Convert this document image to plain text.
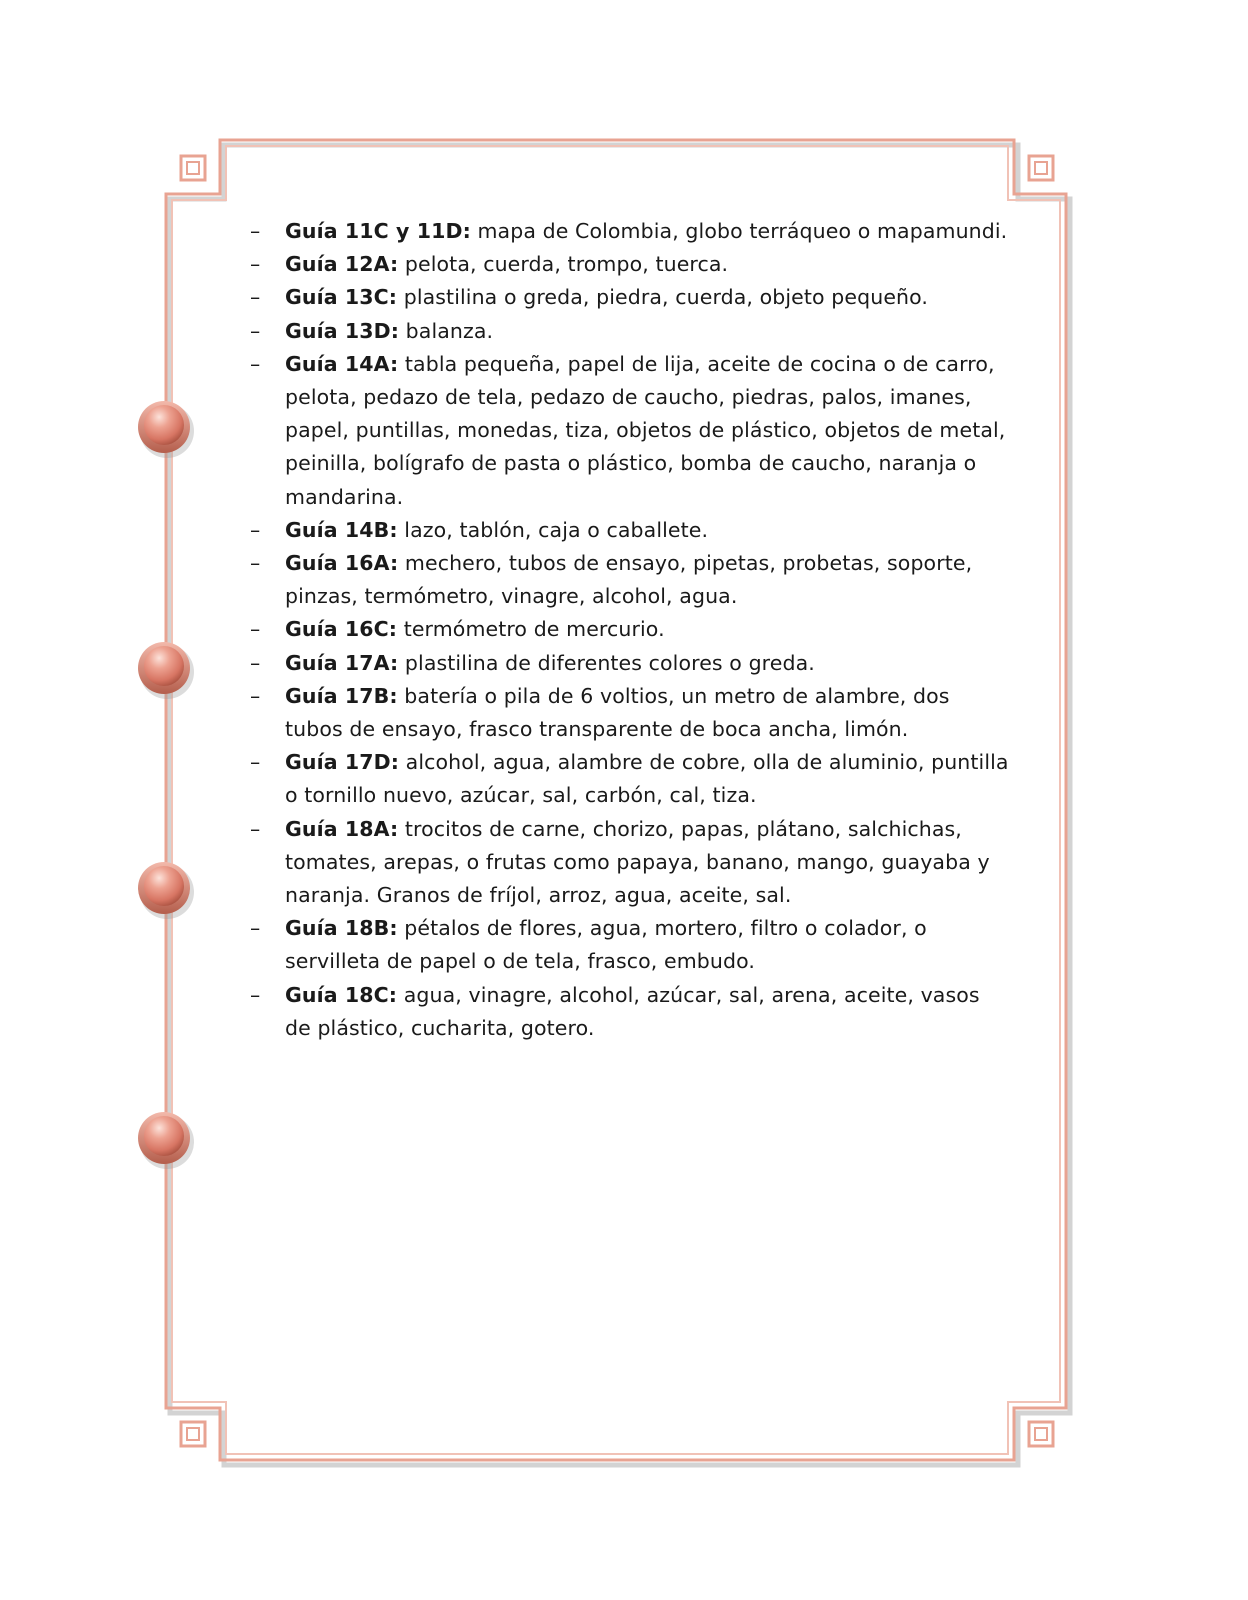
– Guía 11C y 11D: mapa de Colombia, globo terráqueo o mapamundi.
– Guía 12A: pelota, cuerda, trompo, tuerca.
– Guía 13C: plastilina o greda, piedra, cuerda, objeto pequeño.
– Guía 13D: balanza.
– Guía 14A: tabla pequeña, papel de lija, aceite de cocina o de carro, pelota, pedazo de tela, pedazo de caucho, piedras, palos, imanes, papel, puntillas, monedas, tiza, objetos de plástico, objetos de metal, peinilla, bolígrafo de pasta o plástico, bomba de caucho, naranja o mandarina.
– Guía 14B: lazo, tablón, caja o caballete.
– Guía 16A: mechero, tubos de ensayo, pipetas, probetas, soporte, pinzas, termómetro, vinagre, alcohol, agua.
– Guía 16C: termómetro de mercurio.
– Guía 17A: plastilina de diferentes colores o greda.
– Guía 17B: batería o pila de 6 voltios, un metro de alambre, dos tubos de ensayo, frasco transparente de boca ancha, limón.
– Guía 17D: alcohol, agua, alambre de cobre, olla de aluminio, puntilla o tornillo nuevo, azúcar, sal, carbón, cal, tiza.
– Guía 18A: trocitos de carne, chorizo, papas, plátano, salchichas, tomates, arepas, o frutas como papaya, banano, mango, guayaba y naranja. Granos de fríjol, arroz, agua, aceite, sal.
– Guía 18B: pétalos de flores, agua, mortero, filtro o colador, o servilleta de papel o de tela, frasco, embudo.
– Guía 18C: agua, vinagre, alcohol, azúcar, sal, arena, aceite, vasos de plástico, cucharita, gotero.
